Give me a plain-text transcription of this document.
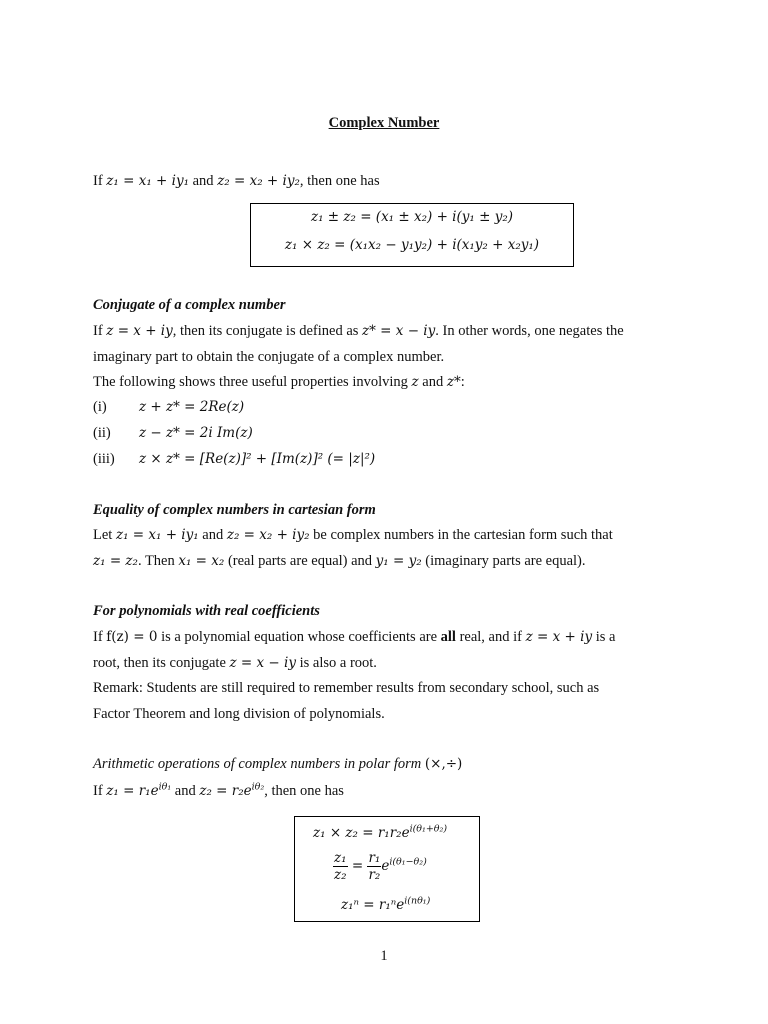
Complex Number
If z₁ = x₁ + iy₁ and z₂ = x₂ + iy₂, then one has
z₁ ± z₂ = (x₁ ± x₂) + i(y₁ ± y₂)
z₁ × z₂ = (x₁x₂ − y₁y₂) + i(x₁y₂ + x₂y₁)
Conjugate of a complex number
If z = x + iy, then its conjugate is defined as z* = x − iy. In other words, one negates the
imaginary part to obtain the conjugate of a complex number.
The following shows three useful properties involving z and z*:
(i) z + z* = 2Re(z)
(ii) z − z* = 2i Im(z)
(iii) z × z* = [Re(z)]² + [Im(z)]² (= |z|²)
Equality of complex numbers in cartesian form
Let z₁ = x₁ + iy₁ and z₂ = x₂ + iy₂ be complex numbers in the cartesian form such that
z₁ = z₂. Then x₁ = x₂ (real parts are equal) and y₁ = y₂ (imaginary parts are equal).
For polynomials with real coefficients
If f(z) = 0 is a polynomial equation whose coefficients are all real, and if z = x + iy is a
root, then its conjugate z = x − iy is also a root.
Remark: Students are still required to remember results from secondary school, such as
Factor Theorem and long division of polynomials.
Arithmetic operations of complex numbers in polar form (×,÷)
If $z_1 = r_1e^{i\theta_1}$ and $z_2 = r_2e^{i\theta_2}$, then one has
$z_1 \times z_2 = r_1r_2e^{i(\theta_1+\theta_2)}$
$\frac{\text{z₁}}{\text{z₂}} = \frac{\text{r₁}}{\text{r₂}} e^{i(\theta_1-\theta_2)}$
z₁ⁿ = r₁ⁿe$^{i(n\theta_1)}$
1
